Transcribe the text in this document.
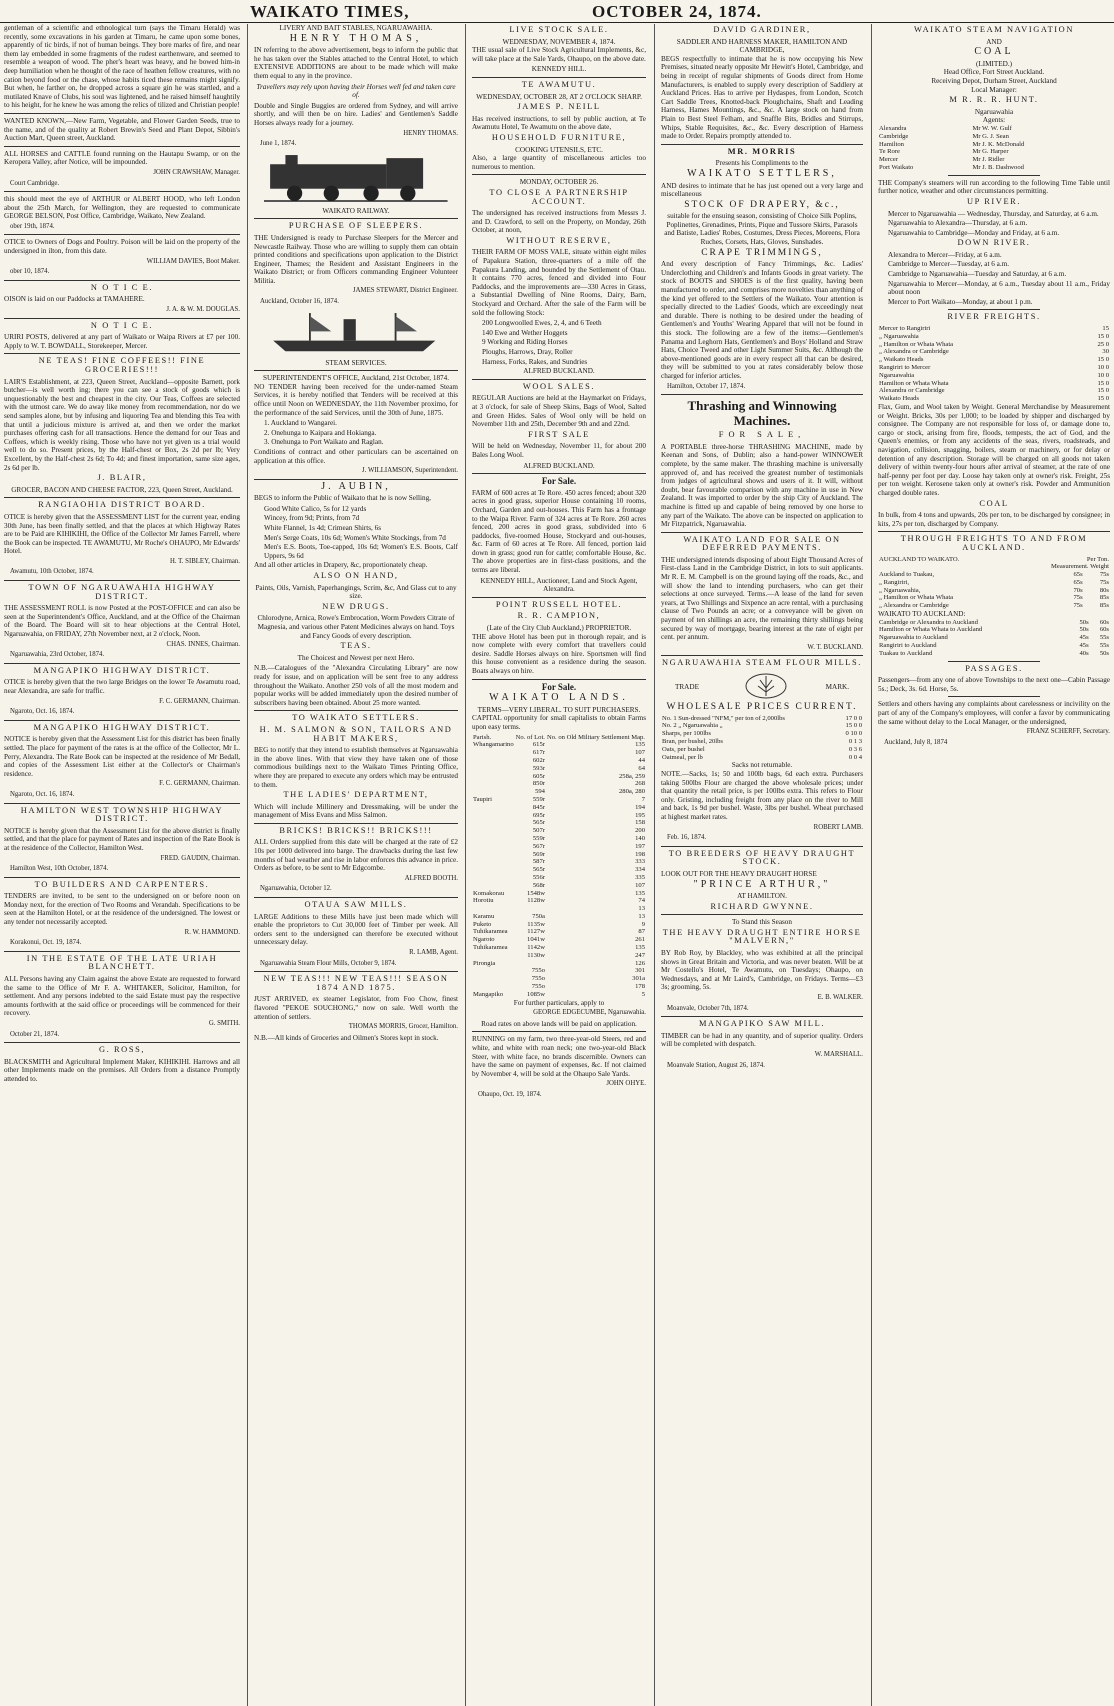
WAIKATO TIMES,	OCTOBER 24, 1874.

gentleman of a scientific and ethnological turn (says the Timaru Herald) was recently, some excavations in his garden at Timaru, he came upon some bones, apparently of tic birds, if not of human beings. They bore marks of fire, and near them lay embedded in some fragments of the rudest earthenware, and seemed to resemble a weapon of wood. The pher's heart was heavy, and he bowed him-in deep humiliation when he thought of the race of heathen fellow creatures, with no cation beyond food or the chase, whose habits ticed these remains might signify. But when, he farther on, he dropped across a square gin he was startled, and a mutilated Knave of Clubs, his soul was lightened, and he raised himself haughtily to his height, for he knew he was among the relics of tilized and Christian people!

WANTED KNOWN,—New Farm, Vegetable, and Flower Garden Seeds, true to the name, and of the quality at Robert Brewin's Seed and Plant Depot, Sibbin's Auction Mart, Queen street, Auckland.

ALL HORSES and CATTLE found running on the Hautapu Swamp, or on the Keropera Valley, after Notice, will be impounded.

JOHN CRAWSHAW, Manager.
Court Cambridge.

this should meet the eye of ARTHUR or ALBERT HOOD, who left London about the 25th March, for Wellington, they are requested to communicate GEORGE BELSON, Post Office, Cambridge, Waikato, New Zealand.

ober 19th, 1874.

OTICE to Owners of Dogs and Poultry. Poison will be laid on the property of the undersigned in ilton, from this date.

WILLIAM DAVIES, Boot Maker.
ober 10, 1874.
N O T I C E.

OISON is laid on our Paddocks at TAMAHERE.

J. A. & W. M. DOUGLAS.
N O T I C E.

URIRI POSTS, delivered at any part of Waikato or Waipa Rivers at £7 per 100. Apply to W. T. BOWDALL, Storekeeper, Mercer.

NE TEAS! FINE COFFEES!! FINE GROCERIES!!!

LAIR'S Establishment, at 223, Queen Street, Auckland—opposite Barnett, pork butcher—is well worth ing; there you can see a stock of goods which is unquestionably the best and cheapest in the city. Our Teas, Coffees are selected with the utmost care. We do away like money from recommendation, nor do we send samples alone, but by infusing and liquoring Tea and blending this Tea with that until a judicious mixture is arrived at, and then we order the market purchases offering cash for all transactions. Hence the demand for our Teas and Coffees, which is weekly rising. Those who have not yet given us a trial would well to do so. Present prices, by the Half-chest or Box, 2s 2d per lb; Very Excellent, by the Half-chest 2s 6d; To 4d; and finest importation, same size ages, 2s 6d per lb.

J. BLAIR,
GROCER, BACON AND CHEESE FACTOR, 223, Queen Street, Auckland.
RANGIAOHIA DISTRICT BOARD.

OTICE is hereby given that the ASSESSMENT LIST for the current year, ending 30th June, has been finally settled, and that the places at which Highway Rates are to be Paid are KIHIKIHI, the Office of the Collector Mr James Farrell, where the Book can be inspected. TE AWAMUTU, Mr Roche's OHAUPO, Mr Edwards' Hotel.

H. T. SIBLEY, Chairman.
Awamutu, 10th October, 1874.
TOWN OF NGARUAWAHIA HIGHWAY DISTRICT.

THE ASSESSMENT ROLL is now Posted at the POST-OFFICE and can also be seen at the Superintendent's Office, Auckland, and at the Office of the Chairman of the Board. The Board will sit to hear objections at the Central Hotel, Ngaruawahia, on FRIDAY, 27th November next, at 2 o'clock, Noon.

CHAS. INNES, Chairman.
Ngaruawahia, 23rd October, 1874.
MANGAPIKO HIGHWAY DISTRICT.

OTICE is hereby given that the two large Bridges on the lower Te Awamutu road, near Alexandra, are safe for traffic.

F. C. GERMANN, Chairman.
Ngaroto, Oct. 16, 1874.
MANGAPIKO HIGHWAY DISTRICT.

NOTICE is hereby given that the Assessment List for this district has been finally settled. The place for payment of the rates is at the office of the Collector, Mr L. Perry, Alexandra. The Rate Book can be inspected at the residence of Mr Bedall, and copies of the Assessment List either at the Collector's or Chairman's residence.

F. C. GERMANN, Chairman.
Ngaroto, Oct. 16, 1874.
HAMILTON WEST TOWNSHIP HIGHWAY DISTRICT.

NOTICE is hereby given that the Assessment List for the above district is finally settled, and that the place for payment of Rates and inspection of the Rate Book is at the residence of the Collector, Hamilton West.

FRED. GAUDIN, Chairman.
Hamilton West, 10th October, 1874.
TO BUILDERS AND CARPENTERS.

TENDERS are invited, to be sent to the undersigned on or before noon on Monday next, for the erection of Two Rooms and Verandah. Specifications to be seen at the Hamilton Hotel, or at the residence of the undersigned. The lowest or any tender not necessarily accepted.

R. W. HAMMOND.
Korakonui, Oct. 19, 1874.
IN THE ESTATE OF THE LATE URIAH BLANCHETT.

ALL Persons having any Claim against the above Estate are requested to forward the same to the Office of Mr F. A. WHITAKER, Solicitor, Hamilton, for settlement. And any persons indebted to the said Estate must pay the respective amounts forthwith at the said office or proceedings will be commenced for their recovery.

G. SMITH.
October 21, 1874.
G. ROSS,

BLACKSMITH and Agricultural Implement Maker, KIHIKIHI. Harrows and all other Implements made on the premises. All Orders from a distance Promptly attended to.

LIVERY AND BAIT STABLES, NGARUAWAHIA.
HENRY THOMAS,

IN referring to the above advertisement, begs to inform the public that he has taken over the Stables attached to the Central Hotel, to which EXTENSIVE ADDITIONS are about to be made which will make them equal to any in the province.

Travellers may rely upon having their Horses well fed and taken care of.

Double and Single Buggies are ordered from Sydney, and will arrive shortly, and will then be on hire. Ladies' and Gentlemen's Saddle Horses always ready for a journey.

HENRY THOMAS.
June 1, 1874.
WAIKATO RAILWAY.
PURCHASE OF SLEEPERS.

THE Undersigned is ready to Purchase Sleepers for the Mercer and Newcastle Railway. Those who are willing to supply them can obtain printed conditions and specifications upon application to the District Engineer, Thames; the Resident and Assistant Engineers in the Waikato District; or from Officers commanding Engineer Volunteer Militia.

JAMES STEWART, District Engineer.
Auckland, October 16, 1874.
STEAM SERVICES.
SUPERINTENDENT'S OFFICE, Auckland, 21st October, 1874.

NO TENDER having been received for the under-named Steam Services, it is hereby notified that Tenders will be received at this office until Noon on WEDNESDAY, the 11th November proximo, for the performance of the said Services, until the 30th of June, 1875.

1. Auckland to Wangarei.
2. Onehunga to Kaipara and Hokianga.
3. Onehunga to Port Waikato and Raglan.

Conditions of contract and other particulars can be ascertained on application at this office.

J. WILLIAMSON, Superintendent.
J. AUBIN,

BEGS to inform the Public of Waikato that he is now Selling,

Good White Calico, 5s for 12 yards
Wincey, from 9d; Prints, from 7d
White Flannel, 1s 4d; Crimean Shirts, 6s
Men's Serge Coats, 10s 6d; Women's White Stockings, from 7d
Men's E.S. Boots, Toe-capped, 10s 6d; Women's E.S. Boots, Calf Uppers, 9s 6d

And all other articles in Drapery, &c, proportionately cheap.

ALSO ON HAND,

Paints, Oils, Varnish, Paperhangings, Scrim, &c, And Glass cut to any size.

NEW DRUGS.

Chlorodyne, Arnica, Rowe's Embrocation, Worm Powders Citrate of Magnesia, and various other Patent Medicines always on hand. Toys and Fancy Goods of every description.

TEAS.

The Choicest and Newest per next Hero.

N.B.—Catalogues of the "Alexandra Circulating Library" are now ready for issue, and on application will be sent free to any address throughout the Waikato. Another 250 vols of all the most modern and popular works will be added immediately upon the desired number of subscribers having been obtained. About 25 more wanted.

TO WAIKATO SETTLERS.
H. M. SALMON & SON, TAILORS AND HABIT MAKERS,

BEG to notify that they intend to establish themselves at Ngaruawahia in the above lines. With that view they have taken one of those commodious buildings next to the Waikato Times Printing Office, where they are prepared to execute any orders which may be entrusted to them.

THE LADIES' DEPARTMENT,

Which will include Millinery and Dressmaking, will be under the management of Miss Evans and Miss Salmon.

BRICKS! BRICKS!! BRICKS!!!

ALL Orders supplied from this date will be charged at the rate of £2 10s per 1000 delivered into barge. The drawbacks during the last few months of bad weather and rise in labor enforces this advance in price. Orders as before, to be sent to Mr Edgcombe.

ALFRED BOOTH.
Ngaruawahia, October 12.
OTAUA SAW MILLS.

LARGE Additions to these Mills have just been made which will enable the proprietors to Cut 30,000 feet of Timber per week. All orders sent to the undersigned can therefore be executed without unnecessary delay.

R. LAMB, Agent.
Ngaruawahia Steam Flour Mills, October 9, 1874.
NEW TEAS!!! NEW TEAS!!! SEASON 1874 AND 1875.

JUST ARRIVED, ex steamer Legislator, from Foo Chow, finest flavored "PEKOE SOUCHONG," now on sale. Well worth the attention of settlers.

THOMAS MORRIS, Grocer, Hamilton.

N.B.—All kinds of Groceries and Oilmen's Stores kept in stock.

LIVE STOCK SALE.
WEDNESDAY, NOVEMBER 4, 1874.

THE usual sale of Live Stock Agricultural Implements, &c, will take place at the Sale Yards, Ohaupo, on the above date.

KENNEDY HILL.
TE AWAMUTU.
WEDNESDAY, OCTOBER 28, AT 2 O'CLOCK SHARP.
JAMES P. NEILL

Has received instructions, to sell by public auction, at Te Awamutu Hotel, Te Awamutu on the above date,

HOUSEHOLD FURNITURE,
COOKING UTENSILS, ETC.

Also, a large quantity of miscellaneous articles too numerous to mention.

MONDAY, OCTOBER 26.
TO CLOSE A PARTNERSHIP ACCOUNT.

The undersigned has received instructions from Messrs J. and D. Crawford, to sell on the Property, on Monday, 26th October, at noon,

WITHOUT RESERVE,

THEIR FARM OF MOSS VALE, situate within eight miles of Papakura Station, three-quarters of a mile off the Papakura Landing, and bounded by the Settlement of Otau. It contains 770 acres, fenced and divided into Four Paddocks, and the improvements are—330 Acres in Grass, a Substantial Dwelling of Nine Rooms, Dairy, Barn, Stockyard and Orchard. After the sale of the Farm will be sold the following Stock:

200 Longwoolled Ewes, 2, 4, and 6 Teeth
140 Ewe and Wether Hoggets
9 Working and Riding Horses
Ploughs, Harrows, Dray, Roller
Harness, Forks, Rakes, and Sundries
ALFRED BUCKLAND.
WOOL SALES.

REGULAR Auctions are held at the Haymarket on Fridays, at 3 o'clock, for sale of Sheep Skins, Bags of Wool, Salted and Green Hides. Sales of Wool only will be held on November 11th and 25th, December 9th and and 22nd.

FIRST SALE

Will be held on Wednesday, November 11, for about 200 Bales Long Wool.

ALFRED BUCKLAND.
For Sale.

FARM of 600 acres at Te Rore. 450 acres fenced; about 320 acres in good grass, superior House containing 10 rooms, Orchard, Garden and out-houses. This Farm has a frontage to the Waipa River. Farm of 324 acres at Te Rore. 260 acres fenced, 200 acres in good grass, subdivided into 6 paddocks, five-roomed House, Stockyard and out-houses, &c. Farm of 60 acres at Te Rore. All fenced, portion laid down in grass; good run for cattle; comfortable House, &c. The above properties are in first-class positions, and the terms are liberal.

KENNEDY HILL, Auctioneer, Land and Stock Agent, Alexandra.
POINT RUSSELL HOTEL.
R. R. CAMPION,
(Late of the City Club Auckland,) PROPRIETOR.

THE above Hotel has been put in thorough repair, and is now complete with every comfort that travellers could desire. Saddle Horses always on hire. Sportsmen will find this house convenient as a residence during the season. Boats always on hire.

For Sale.
WAIKATO LANDS.
TERMS—VERY LIBERAL. TO SUIT PURCHASERS.

CAPITAL opportunity for small capitalists to obtain Farms upon easy terms.

Parish.	No. of Lot.	No. on Old Military Settlement Map.
Whangamarino	615r	135
	617r	107
	602r	44
	593r	64
	605r	258a, 259
	850r	268
	594	280a, 280
Taupiri	559r	7
	845r	194
	695r	195
	565r	158
	507r	200
	559r	140
	567r	197
	569r	198
	587r	333
	565r	334
	556r	335
	568r	107
Komakorau	1548w	135
Horotiu	1128w	74
		13
Karamu	750a	13
Puketo	1135w	9
Tuhikaramea	1127w	87
Ngaroto	1041w	261
Tuhikaramea	1142w	135
	1130w	247
Pirongia		126
	755o	301
	755o	301a
	755o	178
Mangapiko	1085w	5

For further particulars, apply to

GEORGE EDGECUMBE, Ngaruawahia.

Road rates on above lands will be paid on application.

RUNNING on my farm, two three-year-old Steers, red and white, and white with roan neck; one two-year-old Black Steer, with white face, no brands discernible. Owners can have the same on payment of expenses, &c. If not claimed by November 4, will be sold at the Ohaupo Sale Yards.

JOHN OHYE.
Ohaupo, Oct. 19, 1874.
DAVID GARDINER,
SADDLER AND HARNESS MAKER, HAMILTON AND CAMBRIDGE,

BEGS respectfully to intimate that he is now occupying his New Premises, situated nearly opposite Mr Hewitt's Hotel, Cambridge, and being in receipt of regular shipments of Goods direct from Home Manufacturers, is enabled to supply every description of Saddlery at Auckland Prices. Has to arrive per Hydaspes, from London, Scotch Cart Saddle Trees, Knotted-back Ploughchains, Shaft and Leading Harness, Hames Mountings, &c., &c. A large stock on hand from Plain to Best Steel Felham, and Snaffle Bits, Bridles and Stirrups, Whips, Stable Requisites, &c., &c. Every description of Harness made to Order. Repairs promptly attended to.

MR. MORRIS
Presents his Compliments to the
WAIKATO SETTLERS,

AND desires to intimate that he has just opened out a very large and miscellaneous

STOCK OF DRAPERY, &c.,

suitable for the ensuing season, consisting of Choice Silk Poplins, Poplinettes, Grenadines, Prints, Pique and Tussore Skirts, Parasols and Batiste, Ladies' Robes, Costumes, Dress Pieces, Moreens, Flora Ruches, Corsets, Hats, Gloves, Sunshades.

CRAPE TRIMMINGS,

And every description of Fancy Trimmings, &c. Ladies' Underclothing and Children's and Infants Goods in great variety. The stock of BOOTS and SHOES is of the first quality, having been manufactured to order, and comprises more novelties than anything of the kind yet offered to the Settlers of the Waikato. Your attention is specially directed to the Ladies' Goods, which are exceedingly neat and durable. There is nothing to be desired under the heading of Gentlemen's and Youths' Wearing Apparel that will not be found in this stock. The following are a few of the items:—Gentlemen's Panama and Leghorn Hats, Gentlemen's and Boys' Holland and Straw Hats, Choice Tweed and other Light Summer Suits, &c. Although the above-mentioned goods are in every respect all that can be desired, they will be submitted to you at rates considerably below those charged for inferior articles.

Hamilton, October 17, 1874.
Thrashing and Winnowing Machines.
FOR SALE,

A PORTABLE three-horse THRASHING MACHINE, made by Keenan and Sons, of Dublin; also a hand-power WINNOWER complete, by the same maker. The thrashing machine is universally approved of, and has received the greatest number of testimonials from judges of agricultural shows and users of it. It will, without doubt, bear favourable comparison with any machine in use in New Zealand. It was imported to order by the ship City of Auckland. The machine is fitted up and capable of being removed by one horse to any part of the Waikato. The above can be inspected on application to Mr Fitzpatrick, Ngaruawahia.

WAIKATO LAND FOR SALE ON DEFERRED PAYMENTS.

THE undersigned intends disposing of about Eight Thousand Acres of First-class Land in the Cambridge District, in lots to suit applicants. Mr R. E. M. Campbell is on the ground laying off the roads, &c., and will show the land to intending purchasers, who can get their selections at once surveyed. Terms.—A lease of the land for seven years, at Two Shillings and Sixpence an acre rental, with a purchasing clause of Two Pounds an acre; or a conveyance will be given on payment of ten shillings an acre, the remaining thirty shillings being secured by way of mortgage, bearing interest at the rate of eight per cent. per annum.

W. T. BUCKLAND.
NGARUAWAHIA STEAM FLOUR MILLS.
TRADE	MARK.
WHOLESALE PRICES CURRENT.
No. 1 Sun-dressed "NFM," per ton of 2,000lbs	17 0 0
No. 2 „ Ngaruawahia „	15 0 0
Sharps, per 100lbs	0 10 0
Bran, per bushel, 20lbs	0 1 3
Oats, per bushel	0 3 6
Oatmeal, per lb	0 0 4
Sacks not returnable.

NOTE.—Sacks, 1s; 50 and 100lb bags, 6d each extra. Purchasers taking 500lbs Flour are charged the above wholesale prices; under that quantity the retail price, is per 100lbs extra. This refers to Flour only. Gristing, including freight from any place on the river to Mill and back, 1s 9d per bushel. Waste, 3lbs per bushel. Wheat purchased at highest market rates.

ROBERT LAMB.
Feb. 16, 1874.
TO BREEDERS OF HEAVY DRAUGHT STOCK.

LOOK OUT FOR THE HEAVY DRAUGHT HORSE

"PRINCE ARTHUR,"
AT HAMILTON.
RICHARD GWYNNE.
To Stand this Season
THE HEAVY DRAUGHT ENTIRE HORSE "MALVERN,"

BY Rob Roy, by Blackley, who was exhibited at all the principal shows in Great Britain and Victoria, and was never beaten. Will be at Mr Costello's Hotel, Te Awamutu, on Tuesdays; Ohaupo, on Wednesdays, and at Mr Laird's, Cambridge, on Fridays. Terms—£3 3s; grooming, 5s.

E. B. WALKER.
Moanvale, October 7th, 1874.
MANGAPIKO SAW MILL.

TIMBER can be had in any quantity, and of superior quality. Orders will be completed with despatch.

W. MARSHALL.
Moanvale Station, August 26, 1874.
WAIKATO STEAM NAVIGATION
AND
COAL
(LIMITED.)
Head Office, Fort Street Auckland.
Receiving Depot, Durham Street, Auckland
Local Manager:
M R. R. R. HUNT.
Ngaruawahia
Agents:
Alexandra	Mr W. W. Gulf
Cambridge	Mr G. J. Sean
Hamilton	Mr J. K. McDonald
Te Rore	Mr G. Harper
Mercer	Mr J. Ridler
Port Waikato	Mr J. B. Dashwood

THE Company's steamers will run according to the following Time Table until further notice, weather and other circumstances permitting.

UP RIVER.
Mercer to Ngaruawahia — Wednesday, Thursday, and Saturday, at 6 a.m.
Ngaruawahia to Alexandra—Thursday, at 6 a.m.
Ngaruawahia to Cambridge—Monday and Friday, at 6 a.m.
DOWN RIVER.
Alexandra to Mercer—Friday, at 6 a.m.
Cambridge to Mercer—Tuesday, at 6 a.m.
Cambridge to Ngaruawahia—Tuesday and Saturday, at 6 a.m.
Ngaruawahia to Mercer—Monday, at 6 a.m., Tuesday about 11 a.m., Friday about noon
Mercer to Port Waikato—Monday, at about 1 p.m.
RIVER FREIGHTS.
Mercer to Rangiriri	15
„ Ngaruawahia	15 0
„ Hamilton or Whata Whata	25 0
„ Alexandra or Cambridge	30
„ Waikato Heads	15 0
Rangiriri to Mercer	10 0
Ngaruawahia	10 0
Hamilton or Whata Whata	15 0
Alexandra or Cambridge	15 0
Waikato Heads	15 0

Flax, Gum, and Wool taken by Weight. General Merchandise by Measurement or Weight. Bricks, 30s per 1,000; to be loaded by shipper and discharged by consignee. The Company are not responsible for loss of, or damage done to, cargo or stock, arising from fire, floods, tempests, the act of God, and the Queen's enemies, or from any accidents of the seas, rivers, roadsteads, and navigation, collision, snagging, boilers, steam or machinery, or for delay or detention of any description. Storage will be charged on all goods not taken delivery of within twenty-four hours after arrival of steamer, at the rate of one half-penny per foot per day. Loose hay taken only at owner's risk. Freight, 25s per ton weight. Kerosene taken only at owner's risk. Powder and Ammunition charged double rates.

COAL

In bulk, from 4 tons and upwards, 20s per ton, to be discharged by consignee; in kits, 27s per ton, discharged by Company.

THROUGH FREIGHTS TO AND FROM AUCKLAND.
AUCKLAND TO WAIKATO.	Per Ton.
	Measurement. Weight
Auckland to Tuakau,	65s	75s
„ Rangiriri,	65s	75s
„ Ngaruawahia,	70s	80s
„ Hamilton or Whata Whata	75s	85s
„ Alexandra or Cambridge	75s	85s
WAIKATO TO AUCKLAND:
Cambridge or Alexandra to Auckland	50s	60s
Hamilton or Whata Whata to Auckland	50s	60s
Ngaruawahia to Auckland	45s	55s
Rangiriri to Auckland	45s	55s
Tuakau to Auckland	40s	50s
PASSAGES.

Passengers—from any one of above Townships to the next one—Cabin Passage 5s.; Deck, 3s. 6d. Horse, 5s.

Settlers and others having any complaints about carelessness or incivility on the part of any of the Company's employees, will confer a favor by communicating the same without delay to the Local Manager, or the undersigned,

FRANZ SCHERFF, Secretary.
Auckland, July 8, 1874
